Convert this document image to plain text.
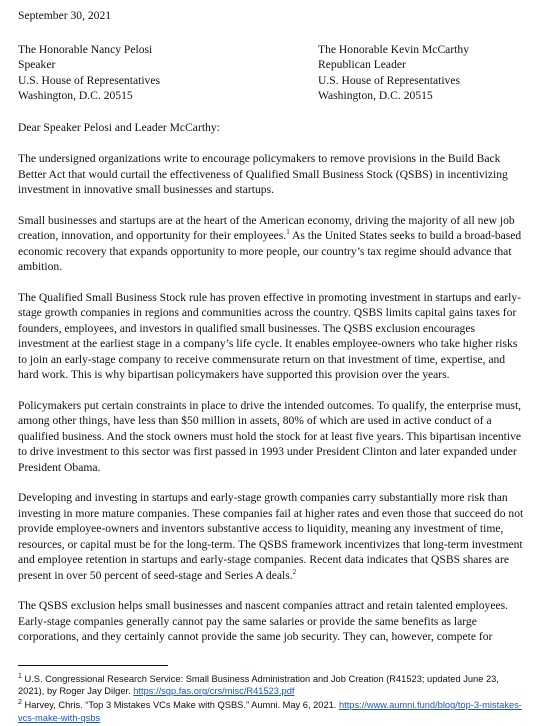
September 30, 2021
The Honorable Nancy Pelosi
Speaker
U.S. House of Representatives
Washington, D.C. 20515
The Honorable Kevin McCarthy
Republican Leader
U.S. House of Representatives
Washington, D.C. 20515
Dear Speaker Pelosi and Leader McCarthy:

The undersigned organizations write to encourage policymakers to remove provisions in the Build Back Better Act that would curtail the effectiveness of Qualified Small Business Stock (QSBS) in incentivizing investment in innovative small businesses and startups.

Small businesses and startups are at the heart of the American economy, driving the majority of all new job creation, innovation, and opportunity for their employees.$^1$ As the United States seeks to build a broad-based economic recovery that expands opportunity to more people, our country’s tax regime should advance that ambition.

The Qualified Small Business Stock rule has proven effective in promoting investment in startups and early-stage growth companies in regions and communities across the country. QSBS limits capital gains taxes for founders, employees, and investors in qualified small businesses. The QSBS exclusion encourages investment at the earliest stage in a company’s life cycle. It enables employee-owners who take higher risks to join an early-stage company to receive commensurate return on that investment of time, expertise, and hard work. This is why bipartisan policymakers have supported this provision over the years.

Policymakers put certain constraints in place to drive the intended outcomes. To qualify, the enterprise must, among other things, have less than $50 million in assets, 80% of which are used in active conduct of a qualified business. And the stock owners must hold the stock for at least five years. This bipartisan incentive to drive investment to this sector was first passed in 1993 under President Clinton and later expanded under President Obama.

Developing and investing in startups and early-stage growth companies carry substantially more risk than investing in more mature companies. These companies fail at higher rates and even those that succeed do not provide employee-owners and inventors substantive access to liquidity, meaning any investment of time, resources, or capital must be for the long-term. The QSBS framework incentivizes that long-term investment and employee retention in startups and early-stage companies. Recent data indicates that QSBS shares are present in over 50 percent of seed-stage and Series A deals.$^2$

The QSBS exclusion helps small businesses and nascent companies attract and retain talented employees. Early-stage companies generally cannot pay the same salaries or provide the same benefits as large corporations, and they certainly cannot provide the same job security. They can, however, compete for

$^1$ U.S. Congressional Research Service: Small Business Administration and Job Creation (R41523; updated June 23, 2021), by Roger Jay Dilger. https://sgp.fas.org/crs/misc/R41523.pdf
$^2$ Harvey, Chris. “Top 3 Mistakes VCs Make with QSBS.” Aumni. May 6, 2021. https://www.aumni.fund/blog/top-3-mistakes-vcs-make-with-qsbs
